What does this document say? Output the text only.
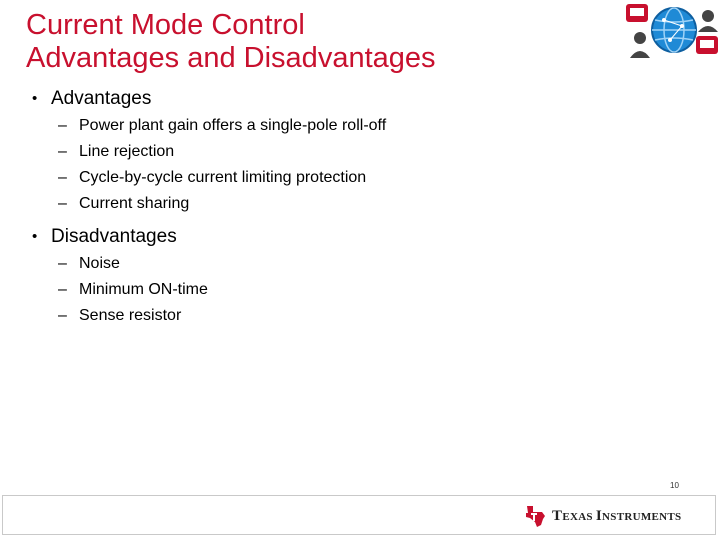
Current Mode Control
Advantages and Disadvantages
• Advantages
– Power plant gain offers a single-pole roll-off
– Line rejection
– Cycle-by-cycle current limiting protection
– Current sharing
• Disadvantages
– Noise
– Minimum ON-time
– Sense resistor
10
TEXAS INSTRUMENTS
